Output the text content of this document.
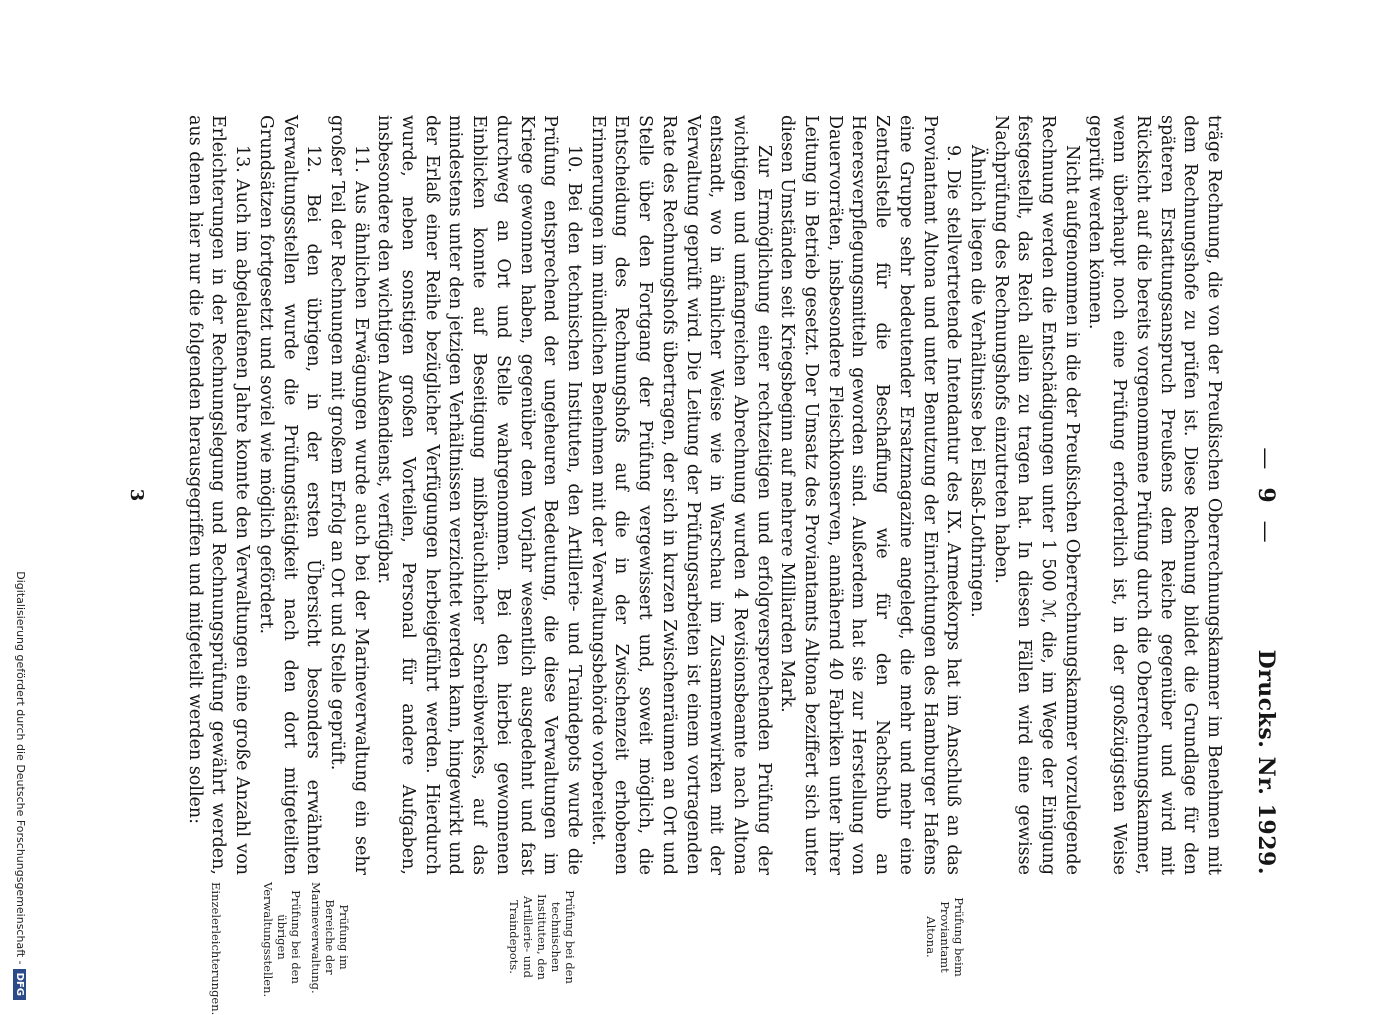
—9—
Drucks. Nr. 1929.

träge Rechnung, die von der Preußischen Oberrechnungskammer im Benehmen mit dem Rechnungshofe zu prüfen ist. Diese Rechnung bildet die Grundlage für den späteren Erstattungsanspruch Preußens dem Reiche gegenüber und wird mit Rücksicht auf die bereits vorgenommene Prüfung durch die Oberrechnungskammer, wenn überhaupt noch eine Prüfung erforderlich ist, in der großzügigsten Weise geprüft werden können.

Nicht aufgenommen in die der Preußischen Oberrechnungskammer vorzulegende Rechnung werden die Entschädigungen unter 1 500 ℳ, die, im Wege der Einigung festgestellt, das Reich allein zu tragen hat. In diesen Fällen wird eine gewisse Nachprüfung des Rechnungshofs einzutreten haben.

Ähnlich liegen die Verhältnisse bei Elsaß-Lothringen.

9. Die stellvertretende Intendantur des IX. Armeekorps hat im Anschluß an das Proviantamt Altona und unter Benutzung der Einrichtungen des Hamburger Hafens eine Gruppe sehr bedeutender Ersatzmagazine angelegt, die mehr und mehr eine Zentralstelle für die Beschaffung wie für den Nachschub an Heeresverpflegungsmitteln geworden sind. Außerdem hat sie zur Herstellung von Dauervorräten, insbesondere Fleischkonserven, annähernd 40 Fabriken unter ihrer Leitung in Betrieb gesetzt. Der Umsatz des Proviantamts Altona beziffert sich unter diesen Umständen seit Kriegsbeginn auf mehrere Milliarden Mark.

Zur Ermöglichung einer rechtzeitigen und erfolgversprechenden Prüfung der wichtigen und umfangreichen Abrechnung wurden 4 Revisionsbeamte nach Altona entsandt, wo in ähnlicher Weise wie in Warschau im Zusammenwirken mit der Verwaltung geprüft wird. Die Leitung der Prüfungsarbeiten ist einem vortragenden Rate des Rechnungshofs übertragen, der sich in kurzen Zwischenräumen an Ort und Stelle über den Fortgang der Prüfung vergewissert und, soweit möglich, die Entscheidung des Rechnungshofs auf die in der Zwischenzeit erhobenen Erinnerungen im mündlichen Benehmen mit der Verwaltungsbehörde vorbereitet.

10. Bei den technischen Instituten, den Artillerie- und Traindepots wurde die Prüfung entsprechend der ungeheuren Bedeutung, die diese Verwaltungen im Kriege gewonnen haben, gegenüber dem Vorjahr wesentlich ausgedehnt und fast durchweg an Ort und Stelle wahrgenommen. Bei den hierbei gewonnenen Einblicken konnte auf Beseitigung mißbräuchlicher Schreibwerkes, auf das mindestens unter den jetzigen Verhältnissen verzichtet werden kann, hingewirkt und der Erlaß einer Reihe bezüglicher Verfügungen herbeigeführt werden. Hierdurch wurde, neben sonstigen großen Vorteilen, Personal für andere Aufgaben, insbesondere den wichtigen Außendienst, verfügbar.

11. Aus ähnlichen Erwägungen wurde auch bei der Marineverwaltung ein sehr großer Teil der Rechnungen mit großem Erfolg an Ort und Stelle geprüft.

12. Bei den übrigen, in der ersten Übersicht besonders erwähnten Verwaltungsstellen wurde die Prüfungstätigkeit nach den dort mitgeteilten Grundsätzen fortgesetzt und soviel wie möglich gefördert.

13. Auch im abgelaufenen Jahre konnte den Verwaltungen eine große Anzahl von Erleichterungen in der Rechnungslegung und Rechnungsprüfung gewährt werden, aus denen hier nur die folgenden herausgegriffen und mitgeteilt werden sollen:

Prüfung beim Proviantamt Altona.
Prüfung bei den technischen Instituten, den Artillerie- und Traindepots.
Prüfung im Bereiche der Marineverwaltung.
Prüfung bei den übrigen Verwaltungsstellen.
Einzelerleichterungen.
3
Digitalisierung gefördert durch die Deutsche Forschungsgemeinschaft -DFG
